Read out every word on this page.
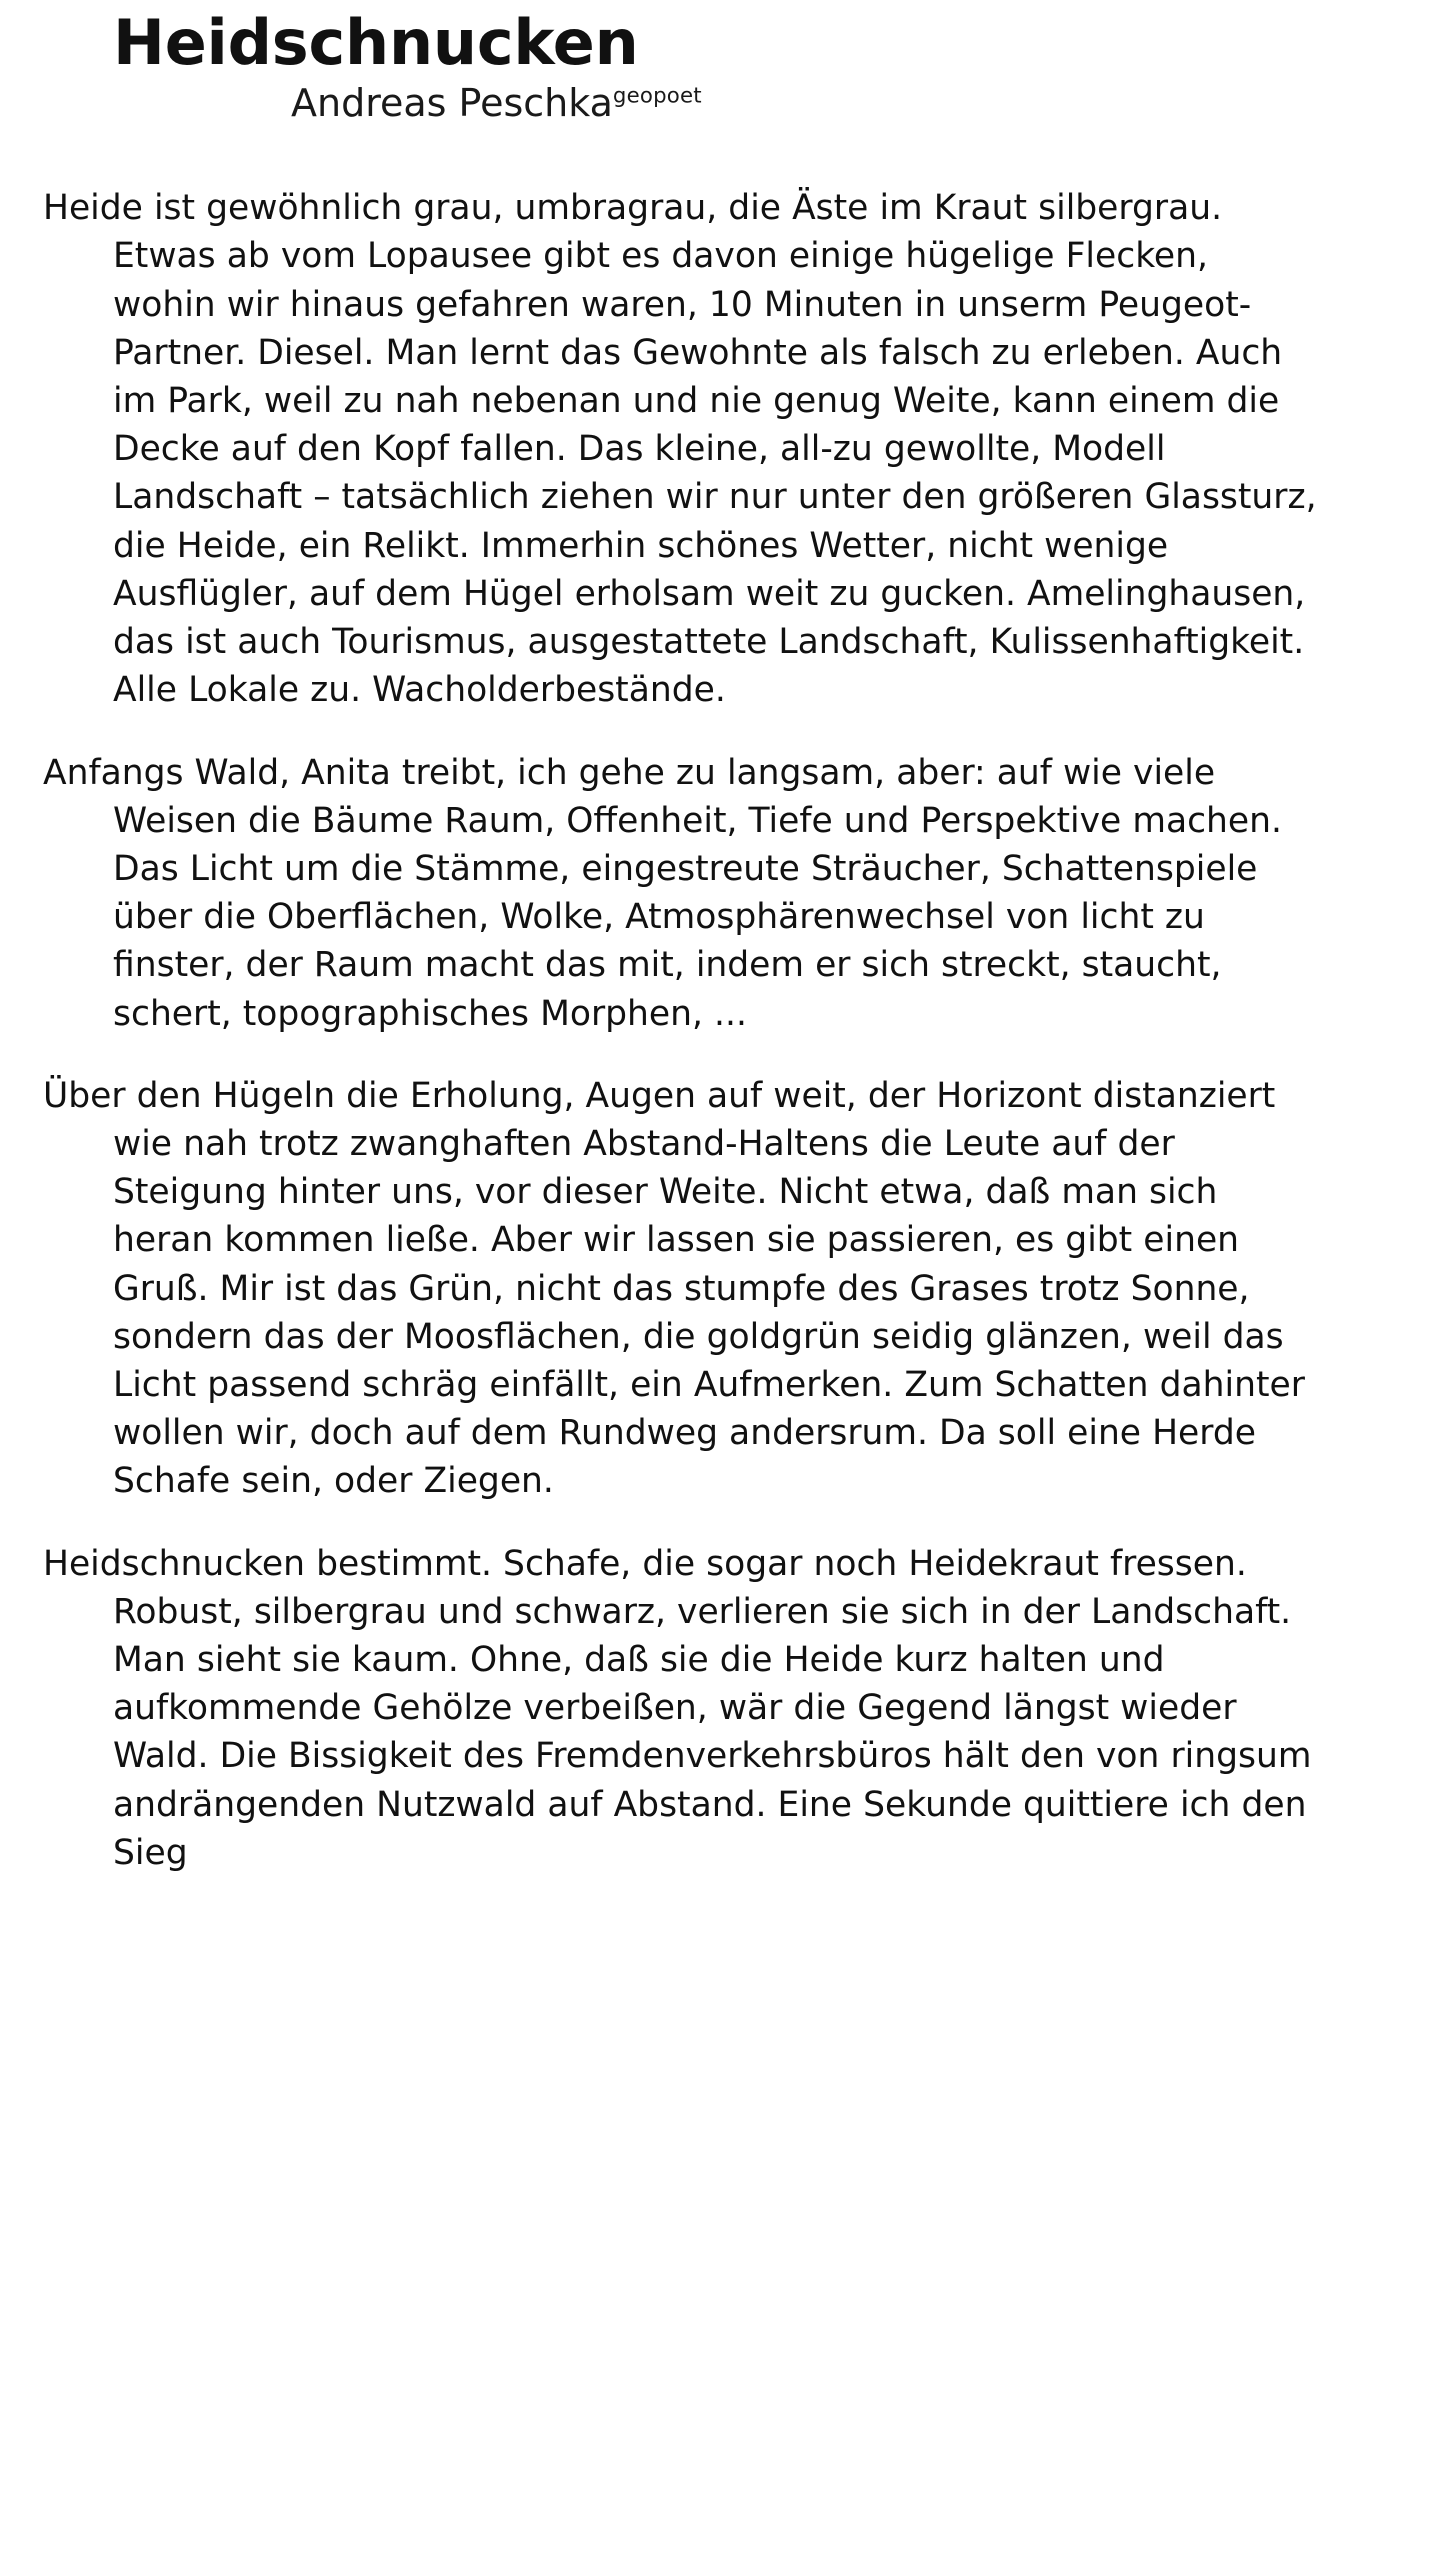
Heidschnucken
Andreas Peschka$^{geopoet}$

Heide ist gewöhnlich grau, umbragrau, die Äste im Kraut silbergrau. Etwas ab vom Lopausee gibt es davon einige hügelige Flecken, wohin wir hinaus gefahren waren, 10 Minuten in unserm Peugeot-Partner. Diesel. Man lernt das Gewohnte als falsch zu erleben. Auch im Park, weil zu nah nebenan und nie genug Weite, kann einem die Decke auf den Kopf fallen. Das kleine, all-zu gewollte, Modell Landschaft – tatsächlich ziehen wir nur unter den größeren Glassturz, die Heide, ein Relikt. Immerhin schönes Wetter, nicht wenige Ausflügler, auf dem Hügel erholsam weit zu gucken. Amelinghausen, das ist auch Tourismus, ausgestattete Landschaft, Kulissenhaftigkeit. Alle Lokale zu. Wacholderbestände.

Anfangs Wald, Anita treibt, ich gehe zu langsam, aber: auf wie viele Weisen die Bäume Raum, Offenheit, Tiefe und Perspektive machen. Das Licht um die Stämme, eingestreute Sträucher, Schattenspiele über die Oberflächen, Wolke, Atmosphärenwechsel von licht zu finster, der Raum macht das mit, indem er sich streckt, staucht, schert, topographisches Morphen, ...

Über den Hügeln die Erholung, Augen auf weit, der Horizont distanziert wie nah trotz zwanghaften Abstand-Haltens die Leute auf der Steigung hinter uns, vor dieser Weite. Nicht etwa, daß man sich heran kommen ließe. Aber wir lassen sie passieren, es gibt einen Gruß. Mir ist das Grün, nicht das stumpfe des Grases trotz Sonne, sondern das der Moosflächen, die goldgrün seidig glänzen, weil das Licht passend schräg einfällt, ein Aufmerken. Zum Schatten dahinter wollen wir, doch auf dem Rundweg andersrum. Da soll eine Herde Schafe sein, oder Ziegen.

Heidschnucken bestimmt. Schafe, die sogar noch Heidekraut fressen. Robust, silbergrau und schwarz, verlieren sie sich in der Landschaft. Man sieht sie kaum. Ohne, daß sie die Heide kurz halten und aufkommende Gehölze verbeißen, wär die Gegend längst wieder Wald. Die Bissigkeit des Fremdenverkehrsbüros hält den von ringsum andrängenden Nutzwald auf Abstand. Eine Sekunde quittiere ich den Sieg
